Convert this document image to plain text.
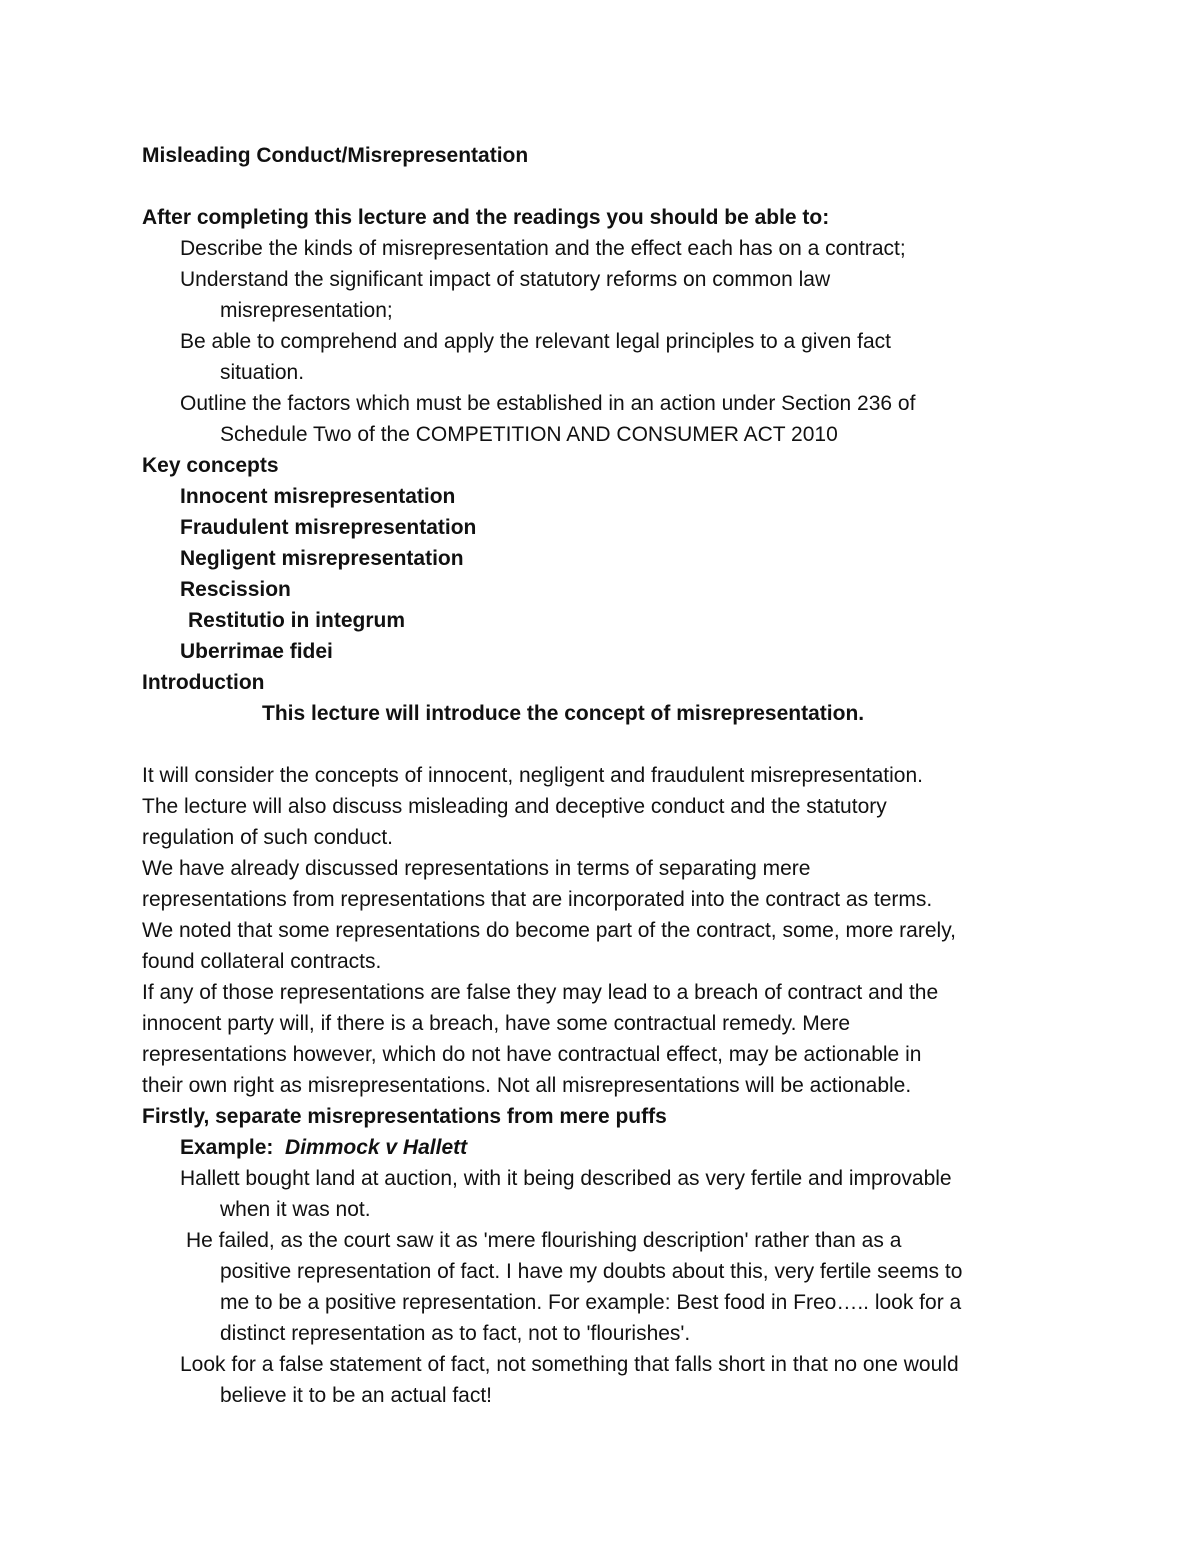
Misleading Conduct/Misrepresentation
After completing this lecture and the readings you should be able to:
Describe the kinds of misrepresentation and the effect each has on a contract;
Understand the significant impact of statutory reforms on common law
misrepresentation;
Be able to comprehend and apply the relevant legal principles to a given fact
situation.
Outline the factors which must be established in an action under Section 236 of
Schedule Two of the COMPETITION AND CONSUMER ACT 2010
Key concepts
Innocent misrepresentation
Fraudulent misrepresentation
Negligent misrepresentation
Rescission
Restitutio in integrum
Uberrimae fidei
Introduction
This lecture will introduce the concept of misrepresentation.
It will consider the concepts of innocent, negligent and fraudulent misrepresentation.
The lecture will also discuss misleading and deceptive conduct and the statutory
regulation of such conduct.
We have already discussed representations in terms of separating mere
representations from representations that are incorporated into the contract as terms.
We noted that some representations do become part of the contract, some, more rarely,
found collateral contracts.
If any of those representations are false they may lead to a breach of contract and the
innocent party will, if there is a breach, have some contractual remedy. Mere
representations however, which do not have contractual effect, may be actionable in
their own right as misrepresentations. Not all misrepresentations will be actionable.
Firstly, separate misrepresentations from mere puffs
Example: Dimmock v Hallett
Hallett bought land at auction, with it being described as very fertile and improvable
when it was not.
He failed, as the court saw it as 'mere flourishing description' rather than as a
positive representation of fact. I have my doubts about this, very fertile seems to
me to be a positive representation. For example: Best food in Freo….. look for a
distinct representation as to fact, not to 'flourishes'.
Look for a false statement of fact, not something that falls short in that no one would
believe it to be an actual fact!
